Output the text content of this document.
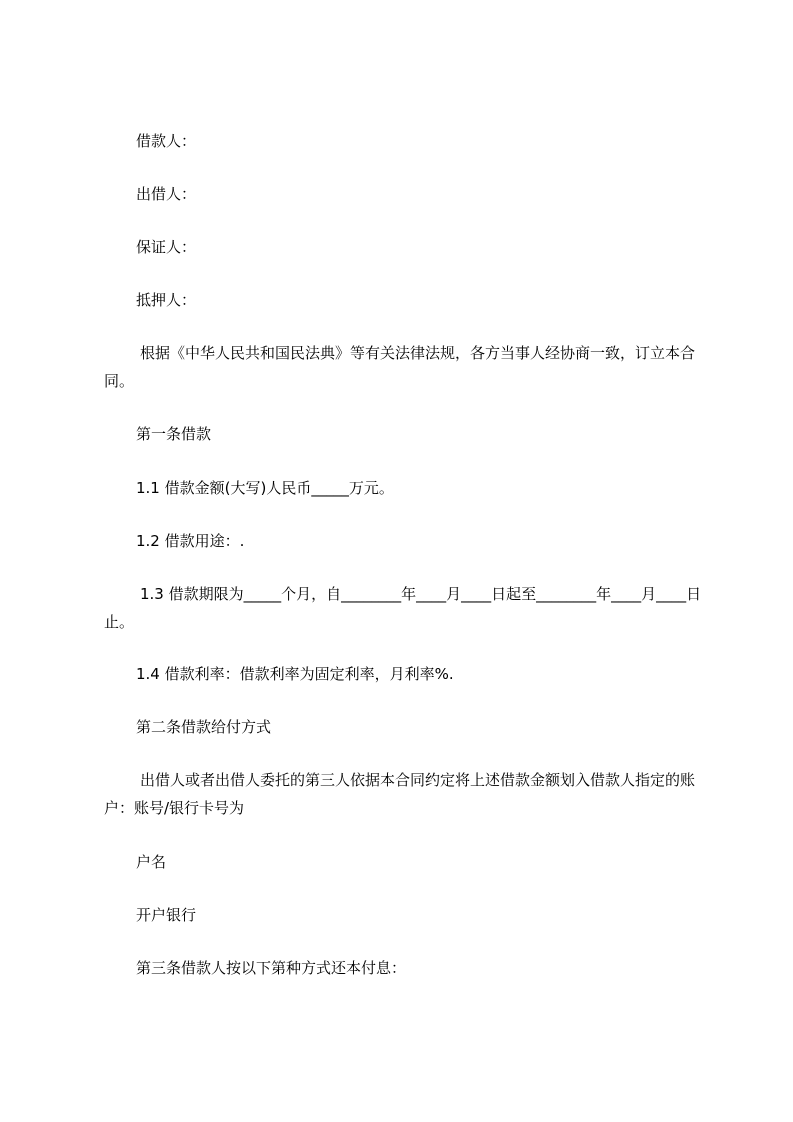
借款人：
出借人：
保证人：
抵押人：
根据《中华人民共和国民法典》等有关法律法规，各方当事人经协商一致，订立本合同。
第一条借款
1.1 借款金额(大写)人民币_____万元。
1.2 借款用途：.
1.3 借款期限为_____个月，自________年____月____日起至________年____月____日止。
1.4 借款利率：借款利率为固定利率，月利率%.
第二条借款给付方式
出借人或者出借人委托的第三人依据本合同约定将上述借款金额划入借款人指定的账户：账号/银行卡号为
户名
开户银行
第三条借款人按以下第种方式还本付息：
